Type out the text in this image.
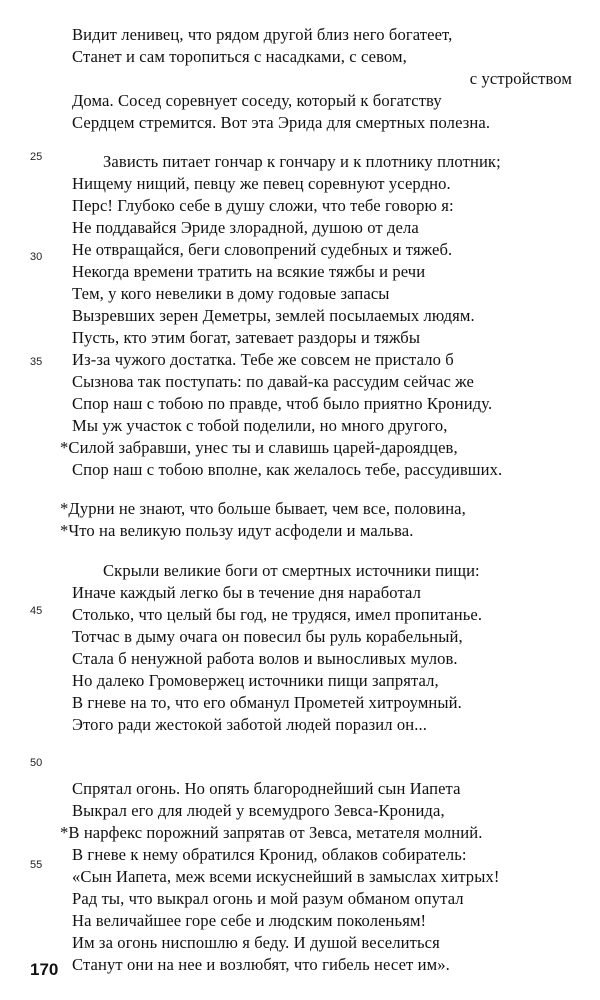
25
30
35
45
50
55
Видит ленивец, что рядом другой близ него богатеет,
Станет и сам торопиться с насадками, с севом,
с устройством
Дома. Сосед соревнует соседу, который к богатству
Сердцем стремится. Вот эта Эрида для смертных полезна.
Зависть питает гончар к гончару и к плотнику плотник;
Нищему нищий, певцу же певец соревнуют усердно.
Перс! Глубоко себе в душу сложи, что тебе говорю я:
Не поддавайся Эриде злорадной, душою от дела
Не отвращайся, беги словопрений судебных и тяжеб.
Некогда времени тратить на всякие тяжбы и речи
Тем, у кого невелики в дому годовые запасы
Вызревших зерен Деметры, землей посылаемых людям.
Пусть, кто этим богат, затевает раздоры и тяжбы
Из-за чужого достатка. Тебе же совсем не пристало б
Сызнова так поступать: по давай-ка рассудим сейчас же
Спор наш с тобою по правде, чтоб было приятно Крониду.
Мы уж участок с тобой поделили, но много другого,
*Силой забравши, унес ты и славишь царей-дароядцев,
Спор наш с тобою вполне, как желалось тебе, рассудивших.
*Дурни не знают, что больше бывает, чем все, половина,
*Что на великую пользу идут асфодели и мальва.
Скрыли великие боги от смертных источники пищи:
Иначе каждый легко бы в течение дня наработал
Столько, что целый бы год, не трудяся, имел пропитанье.
Тотчас в дыму очага он повесил бы руль корабельный,
Стала б ненужной работа волов и выносливых мулов.
Но далеко Громовержец источники пищи запрятал,
В гневе на то, что его обманул Прометей хитроумный.
Этого ради жестокой заботой людей поразил он...
Спрятал огонь. Но опять благороднейший сын Иапета
Выкрал его для людей у всемудрого Зевса-Кронида,
*В нарфекс порожний запрятав от Зевса, метателя молний.
В гневе к нему обратился Кронид, облаков собиратель:
«Сын Иапета, меж всеми искуснейший в замыслах хитрых!
Рад ты, что выкрал огонь и мой разум обманом опутал
На величайшее горе себе и людским поколеньям!
Им за огонь ниспошлю я беду. И душой веселиться
Станут они на нее и возлюбят, что гибель несет им».
170
